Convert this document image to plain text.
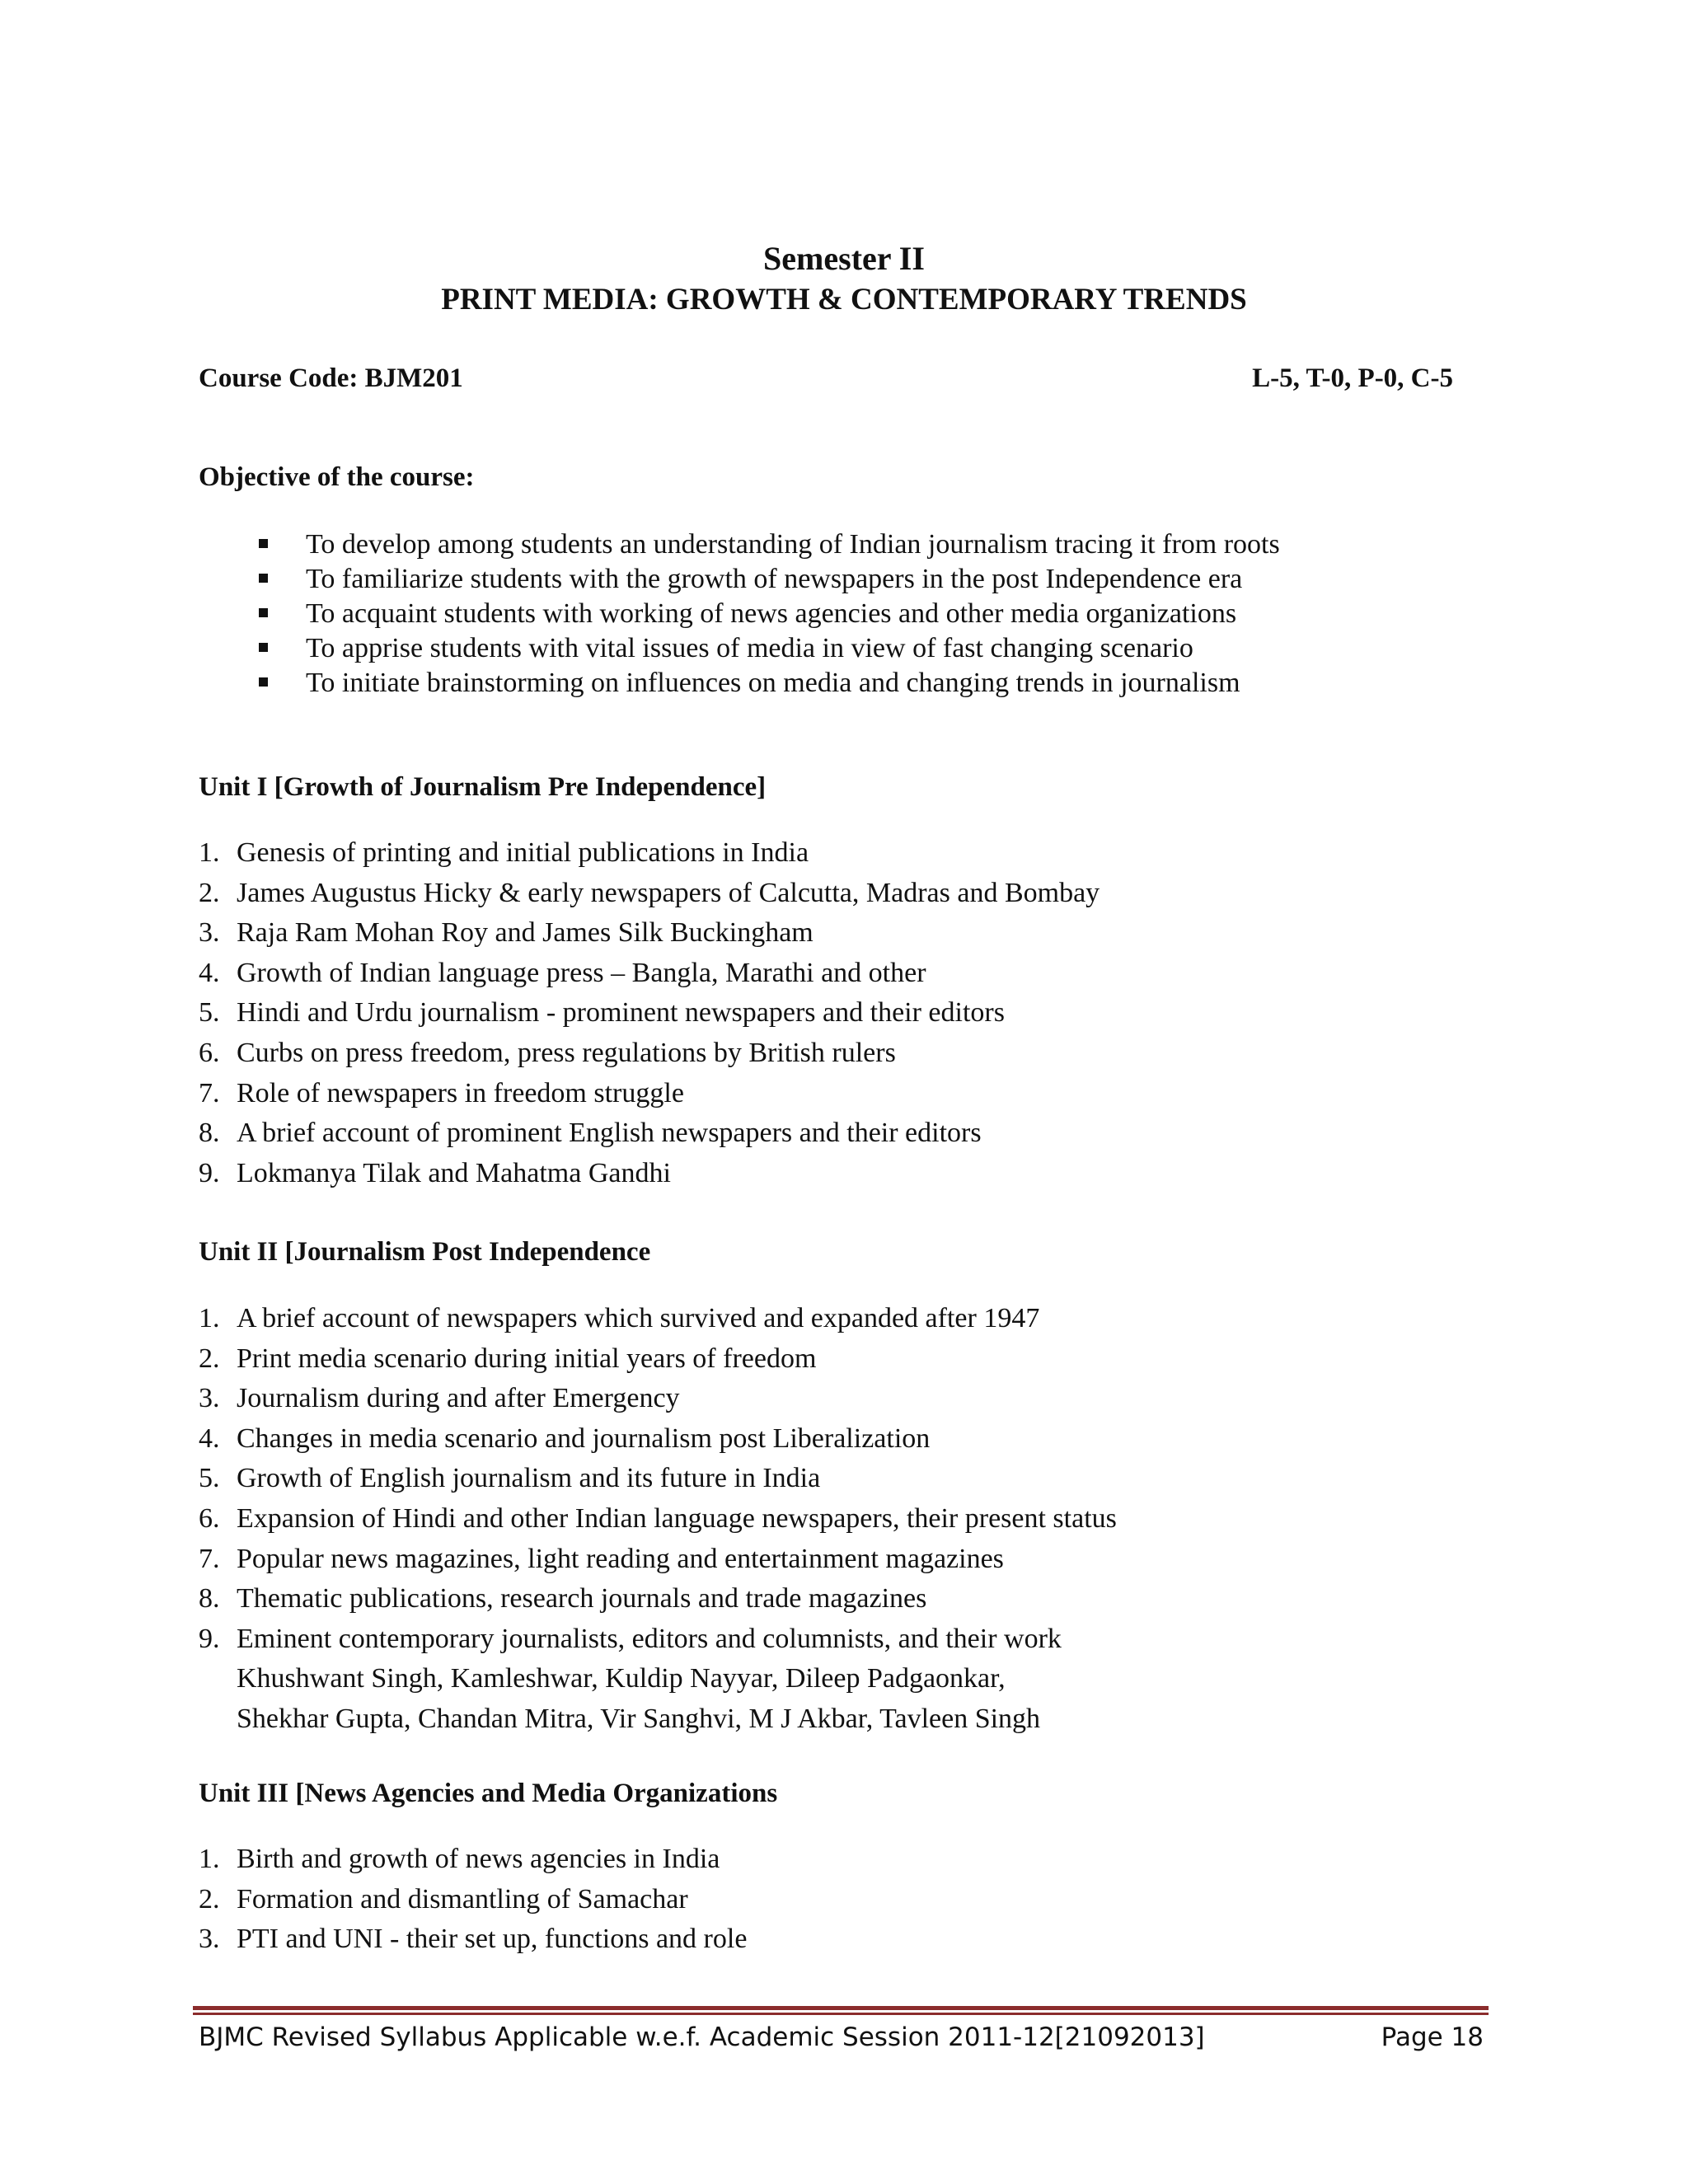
Semester II
PRINT MEDIA: GROWTH & CONTEMPORARY TRENDS
Course Code: BJM201	L-5, T-0, P-0, C-5
Objective of the course:
To develop among students an understanding of Indian journalism tracing it from roots
To familiarize students with the growth of newspapers in the post Independence era
To acquaint students with working of news agencies and other media organizations
To apprise students with vital issues of media in view of fast changing scenario
To initiate brainstorming on influences on media and changing trends in journalism
Unit I [Growth of Journalism Pre Independence]
1. Genesis of printing and initial publications in India
2. James Augustus Hicky & early newspapers of Calcutta, Madras and Bombay
3. Raja Ram Mohan Roy and James Silk Buckingham
4. Growth of Indian language press – Bangla, Marathi and other
5. Hindi and Urdu journalism - prominent newspapers and their editors
6. Curbs on press freedom, press regulations by British rulers
7. Role of newspapers in freedom struggle
8. A brief account of prominent English newspapers and their editors
9. Lokmanya Tilak and Mahatma Gandhi
Unit II [Journalism Post Independence
1. A brief account of newspapers which survived and expanded after 1947
2. Print media scenario during initial years of freedom
3. Journalism during and after Emergency
4. Changes in media scenario and journalism post Liberalization
5. Growth of English journalism and its future in India
6. Expansion of Hindi and other Indian language newspapers, their present status
7. Popular news magazines, light reading and entertainment magazines
8. Thematic publications, research journals and trade magazines
9. Eminent contemporary journalists, editors and columnists, and their work
Khushwant Singh, Kamleshwar, Kuldip Nayyar, Dileep Padgaonkar,
Shekhar Gupta, Chandan Mitra, Vir Sanghvi, M J Akbar, Tavleen Singh
Unit III [News Agencies and Media Organizations
1. Birth and growth of news agencies in India
2. Formation and dismantling of Samachar
3. PTI and UNI - their set up, functions and role
BJMC Revised Syllabus Applicable w.e.f. Academic Session 2011-12[21092013]	Page 18
